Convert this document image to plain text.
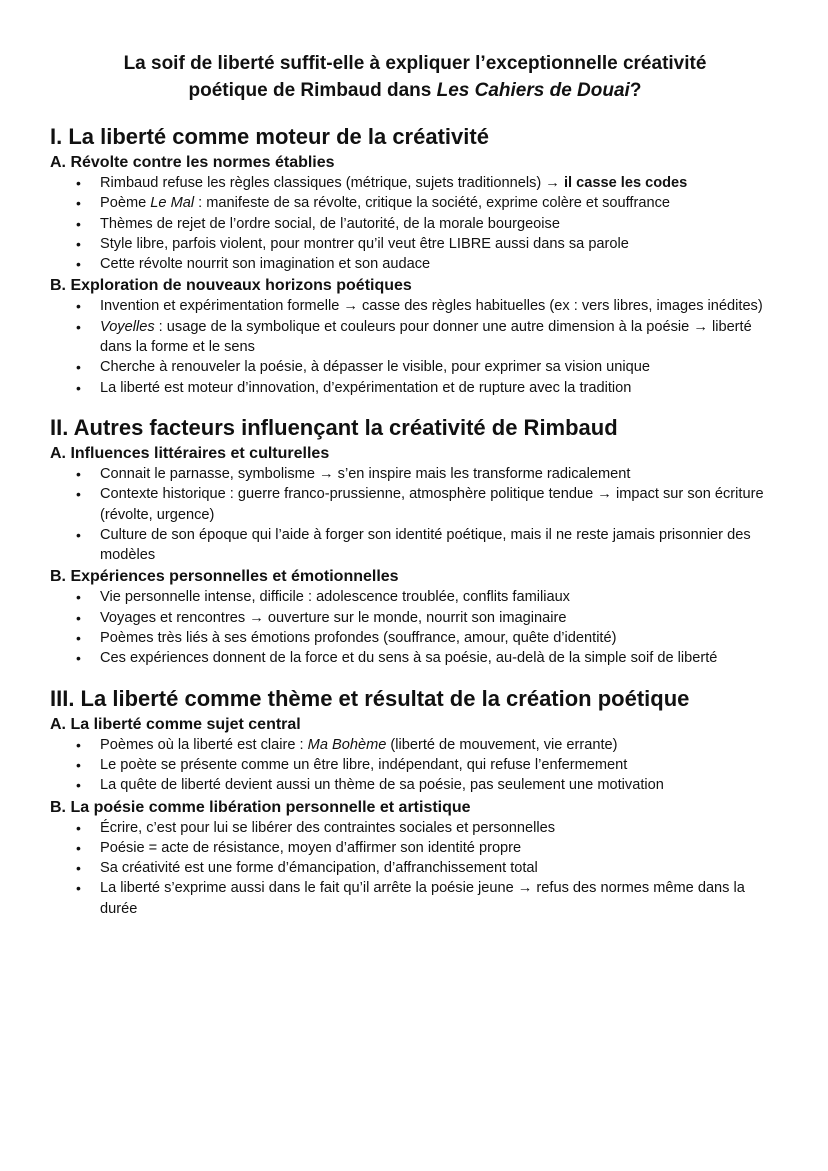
La soif de liberté suffit-elle à expliquer l’exceptionnelle créativité
poétique de Rimbaud dans Les Cahiers de Douai?
I. La liberté comme moteur de la créativité
A. Révolte contre les normes établies
• Rimbaud refuse les règles classiques (métrique, sujets traditionnels) → il casse les codes
• Poème Le Mal : manifeste de sa révolte, critique la société, exprime colère et souffrance
• Thèmes de rejet de l’ordre social, de l’autorité, de la morale bourgeoise
• Style libre, parfois violent, pour montrer qu’il veut être LIBRE aussi dans sa parole
• Cette révolte nourrit son imagination et son audace
B. Exploration de nouveaux horizons poétiques
• Invention et expérimentation formelle → casse des règles habituelles (ex : vers libres, images inédites)
• Voyelles : usage de la symbolique et couleurs pour donner une autre dimension à la poésie → liberté dans la forme et le sens
• Cherche à renouveler la poésie, à dépasser le visible, pour exprimer sa vision unique
• La liberté est moteur d’innovation, d’expérimentation et de rupture avec la tradition
II. Autres facteurs influençant la créativité de Rimbaud
A. Influences littéraires et culturelles
• Connait le parnasse, symbolisme → s’en inspire mais les transforme radicalement
• Contexte historique : guerre franco-prussienne, atmosphère politique tendue → impact sur son écriture (révolte, urgence)
• Culture de son époque qui l’aide à forger son identité poétique, mais il ne reste jamais prisonnier des modèles
B. Expériences personnelles et émotionnelles
• Vie personnelle intense, difficile : adolescence troublée, conflits familiaux
• Voyages et rencontres → ouverture sur le monde, nourrit son imaginaire
• Poèmes très liés à ses émotions profondes (souffrance, amour, quête d’identité)
• Ces expériences donnent de la force et du sens à sa poésie, au-delà de la simple soif de liberté
III. La liberté comme thème et résultat de la création poétique
A. La liberté comme sujet central
• Poèmes où la liberté est claire : Ma Bohème (liberté de mouvement, vie errante)
• Le poète se présente comme un être libre, indépendant, qui refuse l’enfermement
• La quête de liberté devient aussi un thème de sa poésie, pas seulement une motivation
B. La poésie comme libération personnelle et artistique
• Écrire, c’est pour lui se libérer des contraintes sociales et personnelles
• Poésie = acte de résistance, moyen d’affirmer son identité propre
• Sa créativité est une forme d’émancipation, d’affranchissement total
• La liberté s’exprime aussi dans le fait qu’il arrête la poésie jeune → refus des normes même dans la durée
